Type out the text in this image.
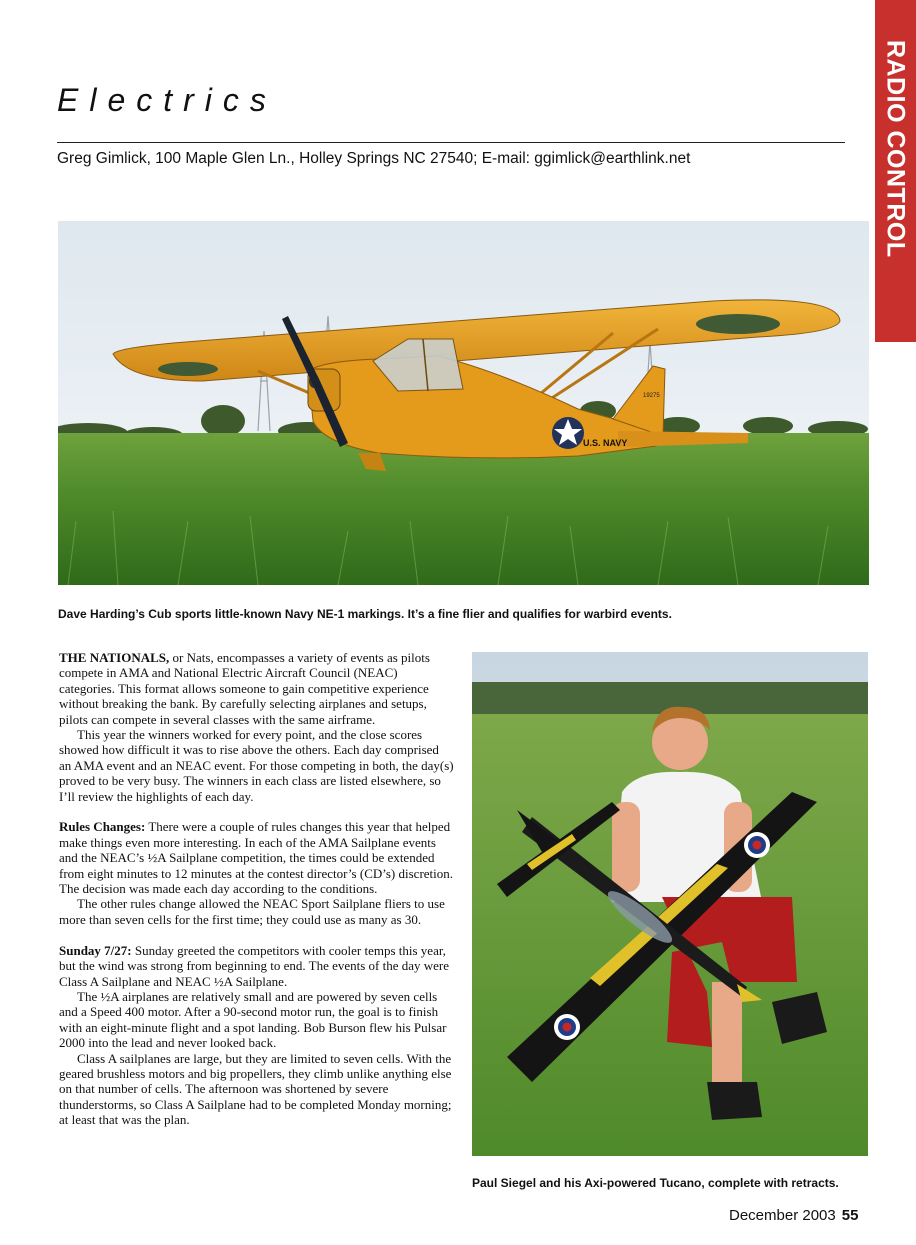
RADIO CONTROL
Electrics
Greg Gimlick, 100 Maple Glen Ln., Holley Springs NC 27540; E-mail: ggimlick@earthlink.net
19275
U.S. NAVY
Dave Harding’s Cub sports little-known Navy NE-1 markings. It’s a fine flier and qualifies for warbird events.

THE NATIONALS, or Nats, encompasses a variety of events as pilots compete in AMA and National Electric Aircraft Council (NEAC) categories. This format allows someone to gain competitive experience without breaking the bank. By carefully selecting airplanes and setups, pilots can compete in several classes with the same airframe.

This year the winners worked for every point, and the close scores showed how difficult it was to rise above the others. Each day comprised an AMA event and an NEAC event. For those competing in both, the day(s) proved to be very busy. The winners in each class are listed elsewhere, so I’ll review the highlights of each day.

Rules Changes: There were a couple of rules changes this year that helped make things even more interesting. In each of the AMA Sailplane events and the NEAC’s ½A Sailplane competition, the times could be extended from eight minutes to 12 minutes at the contest director’s (CD’s) discretion. The decision was made each day according to the conditions.

The other rules change allowed the NEAC Sport Sailplane fliers to use more than seven cells for the first time; they could use as many as 30.

Sunday 7/27: Sunday greeted the competitors with cooler temps this year, but the wind was strong from beginning to end. The events of the day were Class A Sailplane and NEAC ½A Sailplane.

The ½A airplanes are relatively small and are powered by seven cells and a Speed 400 motor. After a 90-second motor run, the goal is to finish with an eight-minute flight and a spot landing. Bob Burson flew his Pulsar 2000 into the lead and never looked back.

Class A sailplanes are large, but they are limited to seven cells. With the geared brushless motors and big propellers, they climb unlike anything else on that number of cells. The afternoon was shortened by severe thunderstorms, so Class A Sailplane had to be completed Monday morning; at least that was the plan.

Paul Siegel and his Axi-powered Tucano, complete with retracts.
December 2003 55
